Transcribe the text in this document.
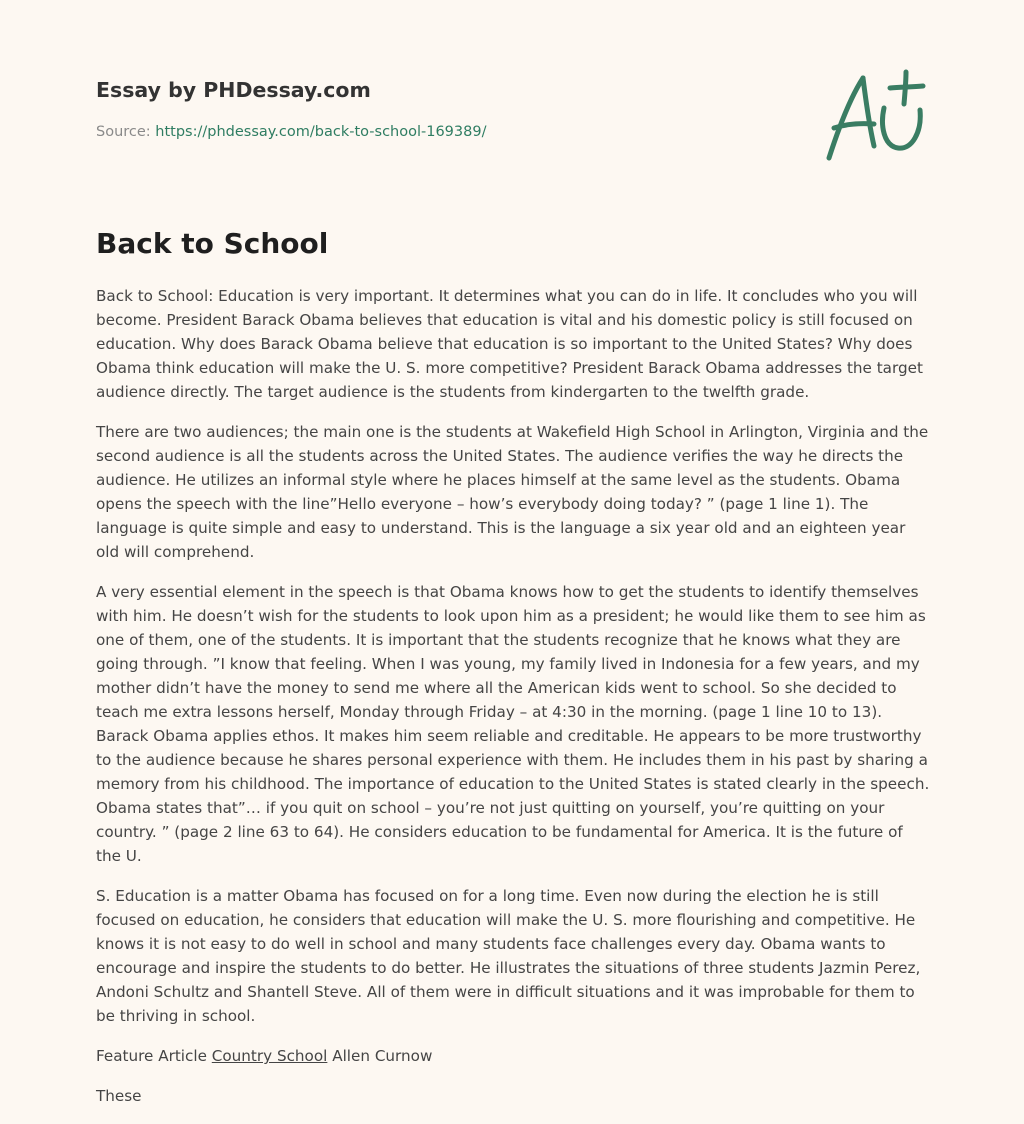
Essay by PHDessay.com
Source: https://phdessay.com/back-to-school-169389/
Back to School

Back to School: Education is very important. It determines what you can do in life. It concludes who you will become. President Barack Obama believes that education is vital and his domestic policy is still focused on education. Why does Barack Obama believe that education is so important to the United States? Why does Obama think education will make the U. S. more competitive? President Barack Obama addresses the target audience directly. The target audience is the students from kindergarten to the twelfth grade.

There are two audiences; the main one is the students at Wakefield High School in Arlington, Virginia and the second audience is all the students across the United States. The audience verifies the way he directs the audience. He utilizes an informal style where he places himself at the same level as the students. Obama opens the speech with the line”Hello everyone – how’s everybody doing today? ” (page 1 line 1). The language is quite simple and easy to understand. This is the language a six year old and an eighteen year old will comprehend.

A very essential element in the speech is that Obama knows how to get the students to identify themselves with him. He doesn’t wish for the students to look upon him as a president; he would like them to see him as one of them, one of the students. It is important that the students recognize that he knows what they are going through. ”I know that feeling. When I was young, my family lived in Indonesia for a few years, and my mother didn’t have the money to send me where all the American kids went to school. So she decided to teach me extra lessons herself, Monday through Friday – at 4:30 in the morning. (page 1 line 10 to 13). Barack Obama applies ethos. It makes him seem reliable and creditable. He appears to be more trustworthy to the audience because he shares personal experience with them. He includes them in his past by sharing a memory from his childhood. The importance of education to the United States is stated clearly in the speech. Obama states that”… if you quit on school – you’re not just quitting on yourself, you’re quitting on your country. ” (page 2 line 63 to 64). He considers education to be fundamental for America. It is the future of the U.

S. Education is a matter Obama has focused on for a long time. Even now during the election he is still focused on education, he considers that education will make the U. S. more flourishing and competitive. He knows it is not easy to do well in school and many students face challenges every day. Obama wants to encourage and inspire the students to do better. He illustrates the situations of three students Jazmin Perez, Andoni Schultz and Shantell Steve. All of them were in difficult situations and it was improbable for them to be thriving in school.

Feature Article Country School Allen Curnow

These
